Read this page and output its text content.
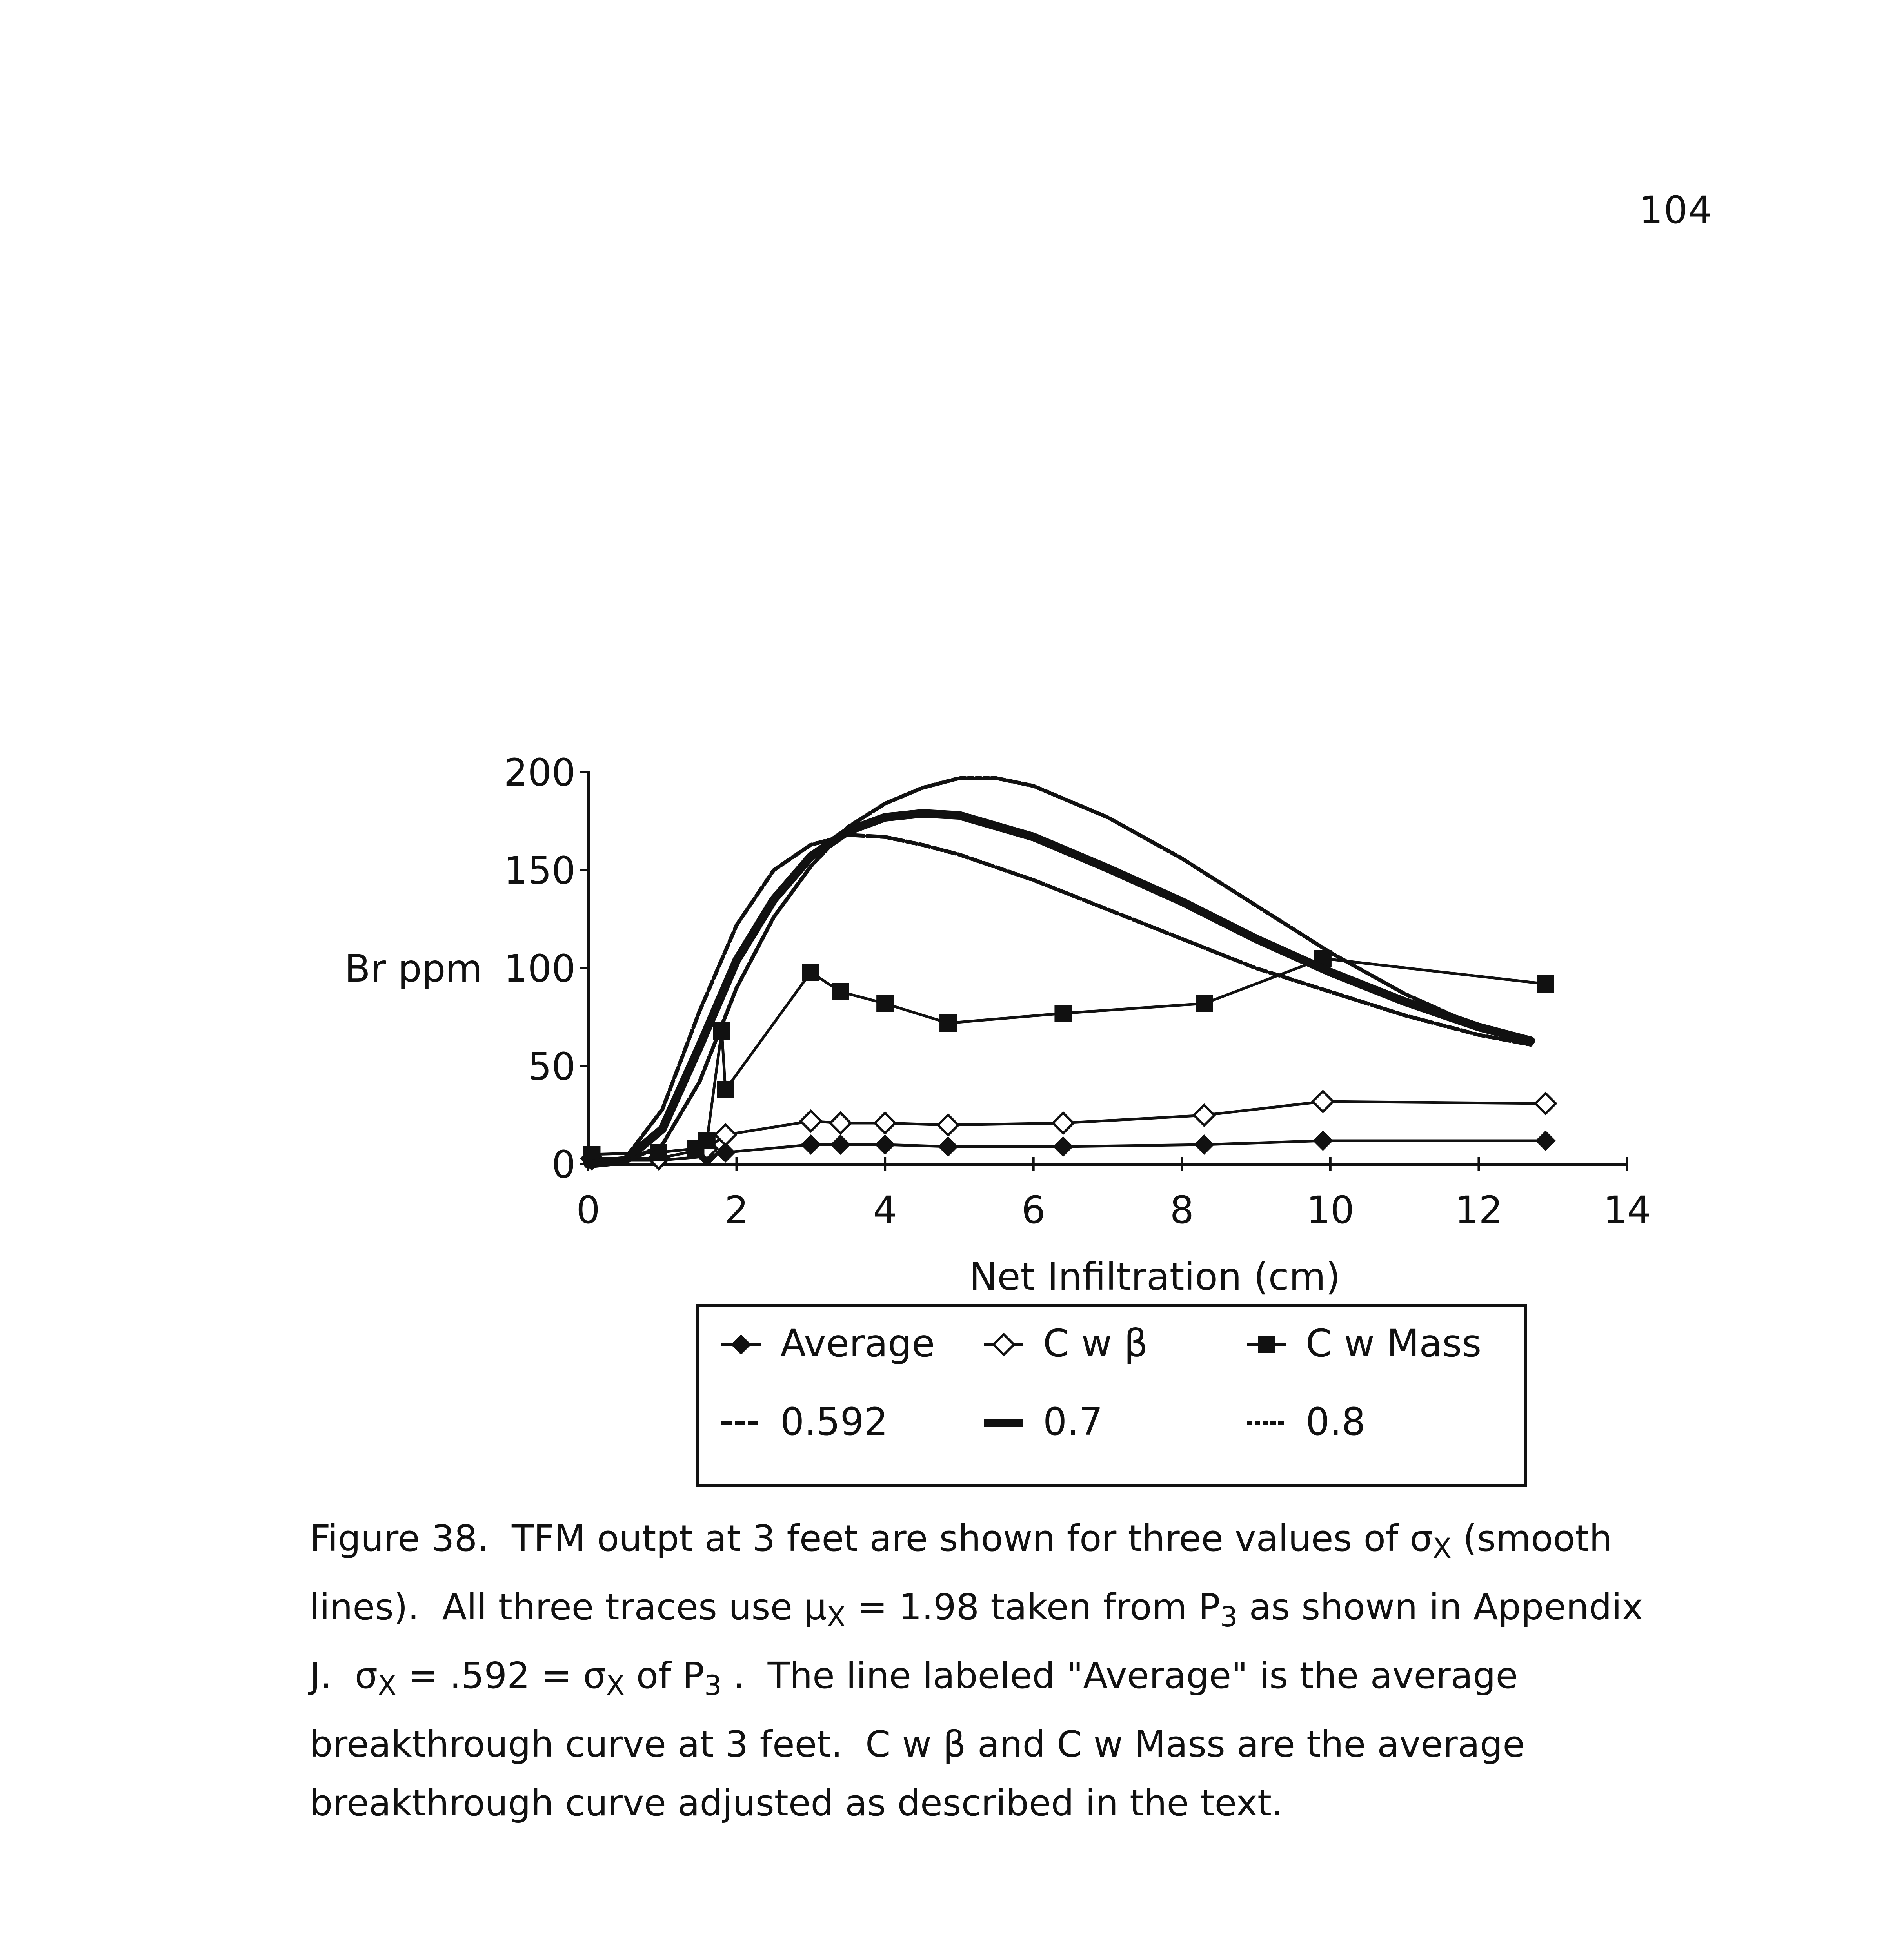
104
0	2	4	6	8	10	12	14
0
50
100
150
200
Net Infiltration (cm)
Br ppm
Average	C w β	C w Mass
0.592	0.7	0.8

Figure 38.  TFM outpt at 3 feet are shown for three values of $\sigma_X$ (smooth

lines).  All three traces use µ$_X$ = 1.98 taken from $P_3$ as shown in Appendix

J.  $\sigma_X = .592 = \sigma_X$ of $P_3$ .  The line labeled "Average" is the average

breakthrough curve at 3 feet.  C w β and C w Mass are the average

breakthrough curve adjusted as described in the text.
